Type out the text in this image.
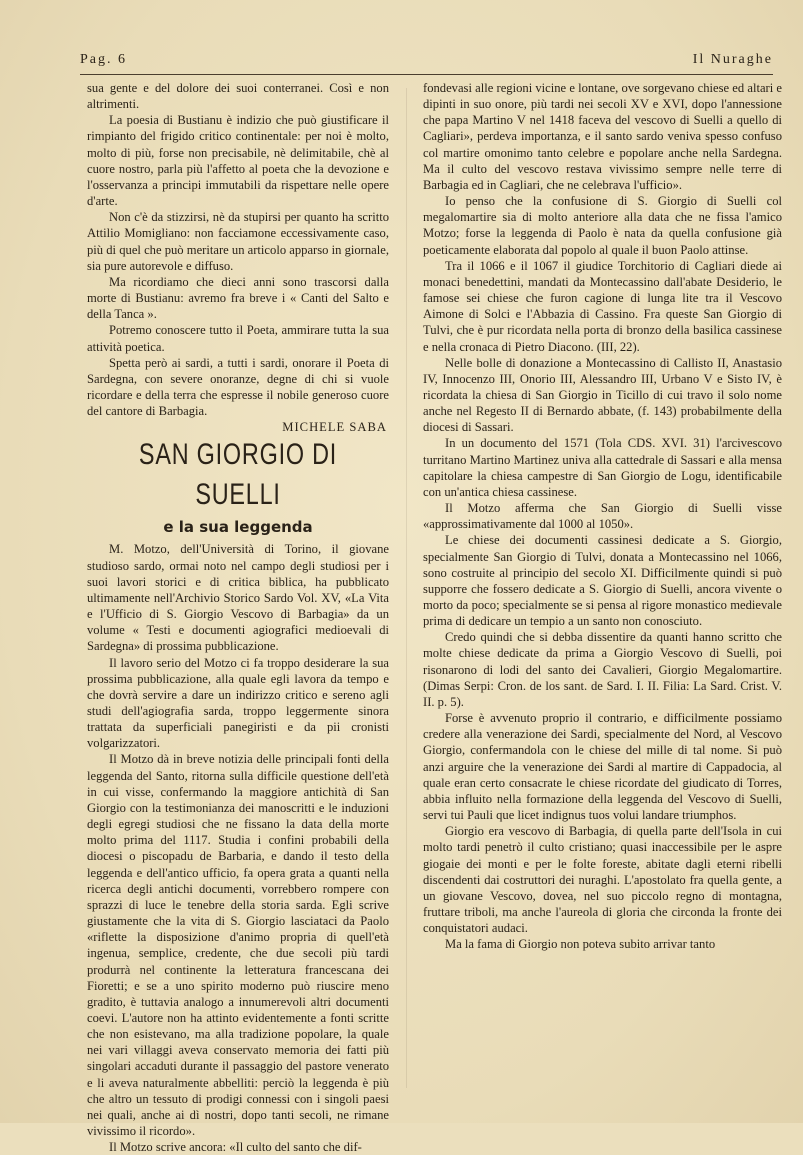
Pag. 6	Il Nuraghe

sua gente e del dolore dei suoi conterranei. Così e non altrimenti.

La poesia di Bustianu è indizio che può giustificare il rimpianto del frigido critico continentale: per noi è molto, molto di più, forse non precisabile, nè delimitabile, chè al cuore nostro, parla più l'affetto al poeta che la devozione e l'osservanza a principi immutabili da rispettare nelle opere d'arte.

Non c'è da stizzirsi, nè da stupirsi per quanto ha scritto Attilio Momigliano: non facciamone eccessivamente caso, più di quel che può meritare un articolo apparso in giornale, sia pure autorevole e diffuso.

Ma ricordiamo che dieci anni sono trascorsi dalla morte di Bustianu: avremo fra breve i « Canti del Salto e della Tanca ».

Potremo conoscere tutto il Poeta, ammirare tutta la sua attività poetica.

Spetta però ai sardi, a tutti i sardi, onorare il Poeta di Sardegna, con severe onoranze, degne di chi si vuole ricordare e della terra che espresse il nobile generoso cuore del cantore di Barbagia.

MICHELE SABA

SAN GIORGIO DI SUELLI
e la sua leggenda

M. Motzo, dell'Università di Torino, il giovane studioso sardo, ormai noto nel campo degli studiosi per i suoi lavori storici e di critica biblica, ha pubblicato ultimamente nell'Archivio Storico Sardo Vol. XV, «La Vita e l'Ufficio di S. Giorgio Vescovo di Barbagia» da un volume « Testi e documenti agiografici medioevali di Sardegna» di prossima pubblicazione.

Il lavoro serio del Motzo ci fa troppo desiderare la sua prossima pubblicazione, alla quale egli lavora da tempo e che dovrà servire a dare un indirizzo critico e sereno agli studi dell'agiografia sarda, troppo leggermente sinora trattata da superficiali panegiristi e da pii cronisti volgarizzatori.

Il Motzo dà in breve notizia delle principali fonti della leggenda del Santo, ritorna sulla difficile questione dell'età in cui visse, confermando la maggiore antichità di San Giorgio con la testimonianza dei manoscritti e le induzioni degli egregi studiosi che ne fissano la data della morte molto prima del 1117. Studia i confini probabili della diocesi o piscopadu de Barbaria, e dando il testo della leggenda e dell'antico ufficio, fa opera grata a quanti nella ricerca degli antichi documenti, vorrebbero rompere con sprazzi di luce le tenebre della storia sarda. Egli scrive giustamente che la vita di S. Giorgio lasciataci da Paolo «riflette la disposizione d'animo propria di quell'età ingenua, semplice, credente, che due secoli più tardi produrrà nel continente la letteratura francescana dei Fioretti; e se a uno spirito moderno può riuscire meno gradito, è tuttavia analogo a innumerevoli altri documenti coevi. L'autore non ha attinto evidentemente a fonti scritte che non esistevano, ma alla tradizione popolare, la quale nei vari villaggi aveva conservato memoria dei fatti più singolari accaduti durante il passaggio del pastore venerato e li aveva naturalmente abbelliti: perciò la leggenda è più che altro un tessuto di prodigi connessi con i singoli paesi nei quali, anche ai dì nostri, dopo tanti secoli, ne rimane vivissimo il ricordo».

Il Motzo scrive ancora: «Il culto del santo che dif-

fondevasi alle regioni vicine e lontane, ove sorgevano chiese ed altari e dipinti in suo onore, più tardi nei secoli XV e XVI, dopo l'annessione che papa Martino V nel 1418 faceva del vescovo di Suelli a quello di Cagliari», perdeva importanza, e il santo sardo veniva spesso confuso col martire omonimo tanto celebre e popolare anche nella Sardegna. Ma il culto del vescovo restava vivissimo sempre nelle terre di Barbagia ed in Cagliari, che ne celebrava l'ufficio».

Io penso che la confusione di S. Giorgio di Suelli col megalomartire sia di molto anteriore alla data che ne fissa l'amico Motzo; forse la leggenda di Paolo è nata da quella confusione già poeticamente elaborata dal popolo al quale il buon Paolo attinse.

Tra il 1066 e il 1067 il giudice Torchitorio di Cagliari diede ai monaci benedettini, mandati da Montecassino dall'abate Desiderio, le famose sei chiese che furon cagione di lunga lite tra il Vescovo Aimone di Solci e l'Abbazia di Cassino. Fra queste San Giorgio di Tulvi, che è pur ricordata nella porta di bronzo della basilica cassinese e nella cronaca di Pietro Diacono. (III, 22).

Nelle bolle di donazione a Montecassino di Callisto II, Anastasio IV, Innocenzo III, Onorio III, Alessandro III, Urbano V e Sisto IV, è ricordata la chiesa di San Giorgio in Ticillo di cui travo il solo nome anche nel Regesto II di Bernardo abbate, (f. 143) probabilmente della diocesi di Sassari.

In un documento del 1571 (Tola CDS. XVI. 31) l'arcivescovo turritano Martino Martinez univa alla cattedrale di Sassari e alla mensa capitolare la chiesa campestre di San Giorgio de Logu, identificabile con un'antica chiesa cassinese.

Il Motzo afferma che San Giorgio di Suelli visse «approssimativamente dal 1000 al 1050».

Le chiese dei documenti cassinesi dedicate a S. Giorgio, specialmente San Giorgio di Tulvi, donata a Montecassino nel 1066, sono costruite al principio del secolo XI. Difficilmente quindi si può supporre che fossero dedicate a S. Giorgio di Suelli, ancora vivente o morto da poco; specialmente se si pensa al rigore monastico medievale prima di dedicare un tempio a un santo non conosciuto.

Credo quindi che si debba dissentire da quanti hanno scritto che molte chiese dedicate da prima a Giorgio Vescovo di Suelli, poi risonarono di lodi del santo dei Cavalieri, Giorgio Megalomartire. (Dimas Serpi: Cron. de los sant. de Sard. I. II. Filia: La Sard. Crist. V. II. p. 5).

Forse è avvenuto proprio il contrario, e difficilmente possiamo credere alla venerazione dei Sardi, specialmente del Nord, al Vescovo Giorgio, confermandola con le chiese del mille di tal nome. Si può anzi arguire che la venerazione dei Sardi al martire di Cappadocia, al quale eran certo consacrate le chiese ricordate del giudicato di Torres, abbia influito nella formazione della leggenda del Vescovo di Suelli, servi tui Pauli que licet indignus tuos volui landare triumphos.

Giorgio era vescovo di Barbagia, di quella parte dell'Isola in cui molto tardi penetrò il culto cristiano; quasi inaccessibile per le aspre giogaie dei monti e per le folte foreste, abitate dagli eterni ribelli discendenti dai costruttori dei nuraghi. L'apostolato fra quella gente, a un giovane Vescovo, dovea, nel suo piccolo regno di montagna, fruttare triboli, ma anche l'aureola di gloria che circonda la fronte dei conquistatori audaci.

Ma la fama di Giorgio non poteva subito arrivar tanto
